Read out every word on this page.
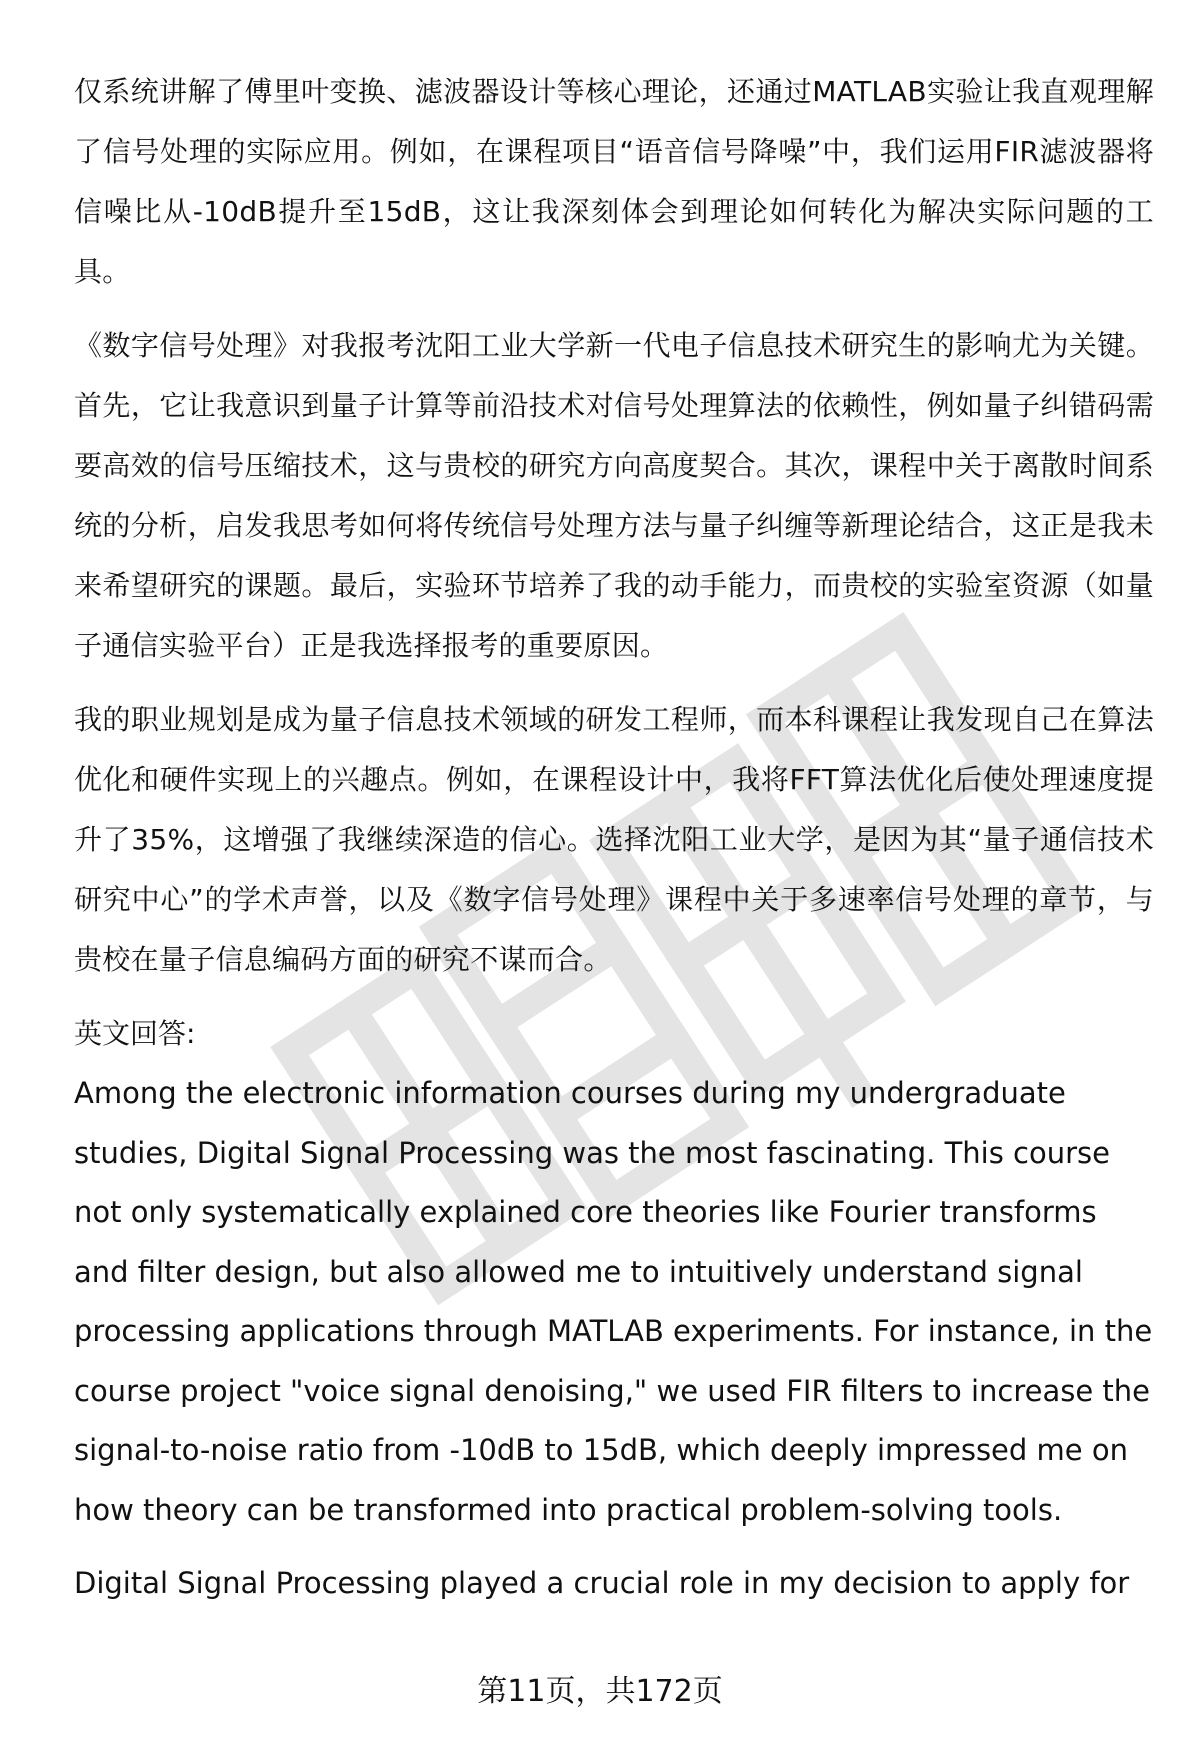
仅系统讲解了傅里叶变换、滤波器设计等核心理论，还通过MATLAB实验让我直观理解了信号处理的实际应用。例如，在课程项目“语音信号降噪”中，我们运用FIR滤波器将信噪比从-10dB提升至15dB，这让我深刻体会到理论如何转化为解决实际问题的工具。

《数字信号处理》对我报考沈阳工业大学新一代电子信息技术研究生的影响尤为关键。首先，它让我意识到量子计算等前沿技术对信号处理算法的依赖性，例如量子纠错码需要高效的信号压缩技术，这与贵校的研究方向高度契合。其次，课程中关于离散时间系统的分析，启发我思考如何将传统信号处理方法与量子纠缠等新理论结合，这正是我未来希望研究的课题。最后，实验环节培养了我的动手能力，而贵校的实验室资源（如量子通信实验平台）正是我选择报考的重要原因。

我的职业规划是成为量子信息技术领域的研发工程师，而本科课程让我发现自己在算法优化和硬件实现上的兴趣点。例如，在课程设计中，我将FFT算法优化后使处理速度提升了35%，这增强了我继续深造的信心。选择沈阳工业大学，是因为其“量子通信技术研究中心”的学术声誉，以及《数字信号处理》课程中关于多速率信号处理的章节，与贵校在量子信息编码方面的研究不谋而合。

英文回答:

Among the electronic information courses during my undergraduate studies, Digital Signal Processing was the most fascinating. This course not only systematically explained core theories like Fourier transforms and filter design, but also allowed me to intuitively understand signal processing applications through MATLAB experiments. For instance, in the course project "voice signal denoising," we used FIR filters to increase the signal-to-noise ratio from -10dB to 15dB, which deeply impressed me on how theory can be transformed into practical problem-solving tools.

Digital Signal Processing played a crucial role in my decision to apply for

第11页，共172页
